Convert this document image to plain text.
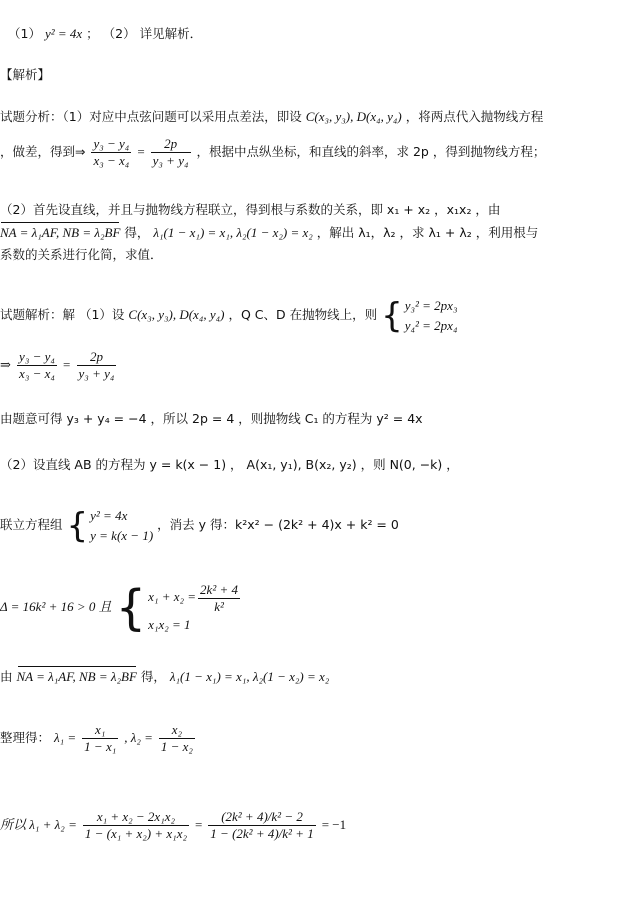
（1） y² = 4x ； （2） 详见解析．
【解析】
试题分析：（1）对应中点弦问题可以采用点差法，即设 C(x₃, y₃), D(x₄, y₄) ，将两点代入抛物线方程
，做差，得到⇒ $\frac{\text{y₃ − y₄}}{\text{x₃ − x₄}} = \frac{2p}{\text{y₃ + y₄}}$ ，根据中点纵坐标，和直线的斜率，求 2p ，得到抛物线方程；
（2）首先设直线，并且与抛物线方程联立，得到根与系数的关系，即 x₁ + x₂ ，x₁x₂ ，由
NA = λ₁AF, NB = λ₂BF 得， λ₁(1 − x₁) = x₁, λ₂(1 − x₂) = x₂ ，解出 λ₁，λ₂ ，求 λ₁ + λ₂ ，利用根与
系数的关系进行化简，求值．
试题解析：解 （1）设 C(x₃, y₃), D(x₄, y₄) ，Q C、D 在抛物线上，则 { y₃² = 2px₃
y₄² = 2px₄
⇒ $\frac{\text{y₃ − y₄}}{\text{x₃ − x₄}} = \frac{2p}{\text{y₃ + y₄}}$
由题意可得 y₃ + y₄ = −4 ，所以 2p = 4 ，则抛物线 C₁ 的方程为 y² = 4x
（2）设直线 AB 的方程为 y = k(x − 1) ， A(x₁, y₁), B(x₂, y₂) ，则 N(0, −k) ，
联立方程组 { y² = 4x
y = k(x − 1)
，消去 y 得：k²x² − (2k² + 4)x + k² = 0
Δ = 16k² + 16 > 0 且 { $x_1 + x_2 = \frac{\text{2k² + 4}}{\text{k²}}$
x₁x₂ = 1
由 NA = λ₁AF, NB = λ₂BF 得， λ₁(1 − x₁) = x₁, λ₂(1 − x₂) = x₂
整理得： $\lambda_1 = \frac{\text{x₁}}{\text{1 − x₁}}$ , $\lambda_2 = \frac{\text{x₂}}{\text{1 − x₂}}$
所以 $\lambda_1 + \lambda_2 = \frac{\text{x₁ + x₂ − 2x₁x₂}}{\text{1 − (x₁ + x₂) + x₁x₂}} = \frac{\text{(2k² + 4)/k² − 2}}{\text{1 − (2k² + 4)/k² + 1}} = -1$
